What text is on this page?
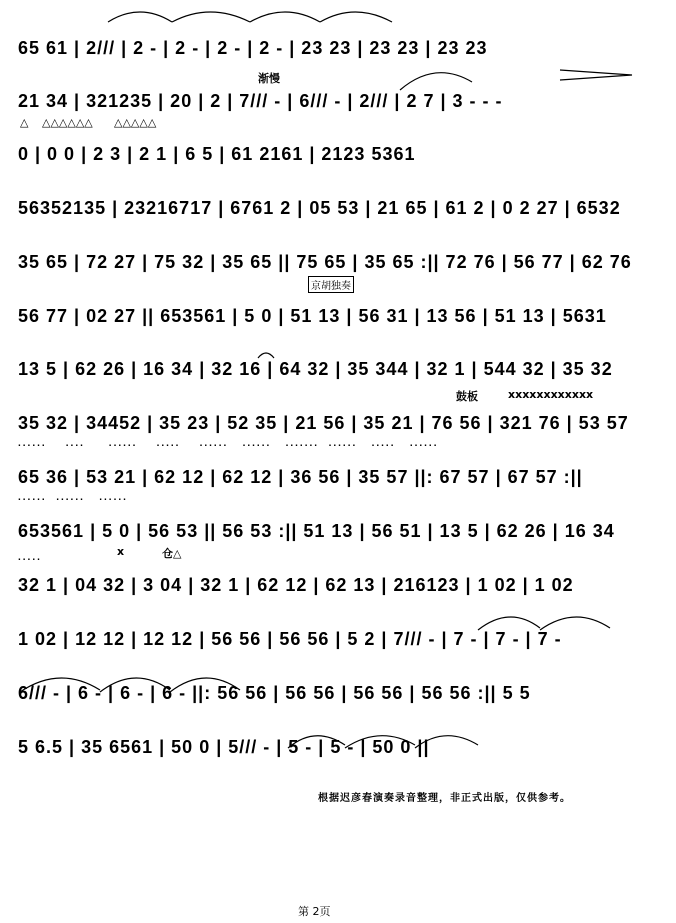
65 61 | 2/// | 2 - | 2 - | 2 - | 2 - | 23 23 | 23 23 | 23 23
21 34 | 321235 | 20 | 2 | 7/// - | 6/// - | 2/// | 2 7 | 3 - - -
△ △△△△△△ △△△△△
渐慢
0 | 0 0 | 2 3 | 2 1 | 6 5 | 61 2161 | 2123 5361
56352135 | 23216717 | 6761 2 | 05 53 | 21 65 | 61 2 | 0 2 27 | 6532
35 65 | 72 27 | 75 32 | 35 65 || 75 65 | 35 65 :|| 72 76 | 56 77 | 62 76
京胡独奏
56 77 | 02 27 || 653561 | 5 0 | 51 13 | 56 31 | 13 56 | 51 13 | 5631
13 5 | 62 26 | 16 34 | 32 16 | 64 32 | 35 344 | 32 1 | 544 32 | 35 32
鼓板	xxxxxxxxxxxx
35 32 | 34452 | 35 23 | 52 35 | 21 56 | 35 21 | 76 56 | 321 76 | 53 57
......    ....     ......    .....    ......   ......   .......  ......   .....   ......
65 36 | 53 21 | 62 12 | 62 12 | 36 56 | 35 57 ||: 67 57 | 67 57 :||
......  ......   ......
653561 | 5 0 | 56 53 || 56 53 :|| 51 13 | 56 51 | 13 5 | 62 26 | 16 34
x	仓△
.....
32 1 | 04 32 | 3 04 | 32 1 | 62 12 | 62 13 | 216123 | 1 02 | 1 02
1 02 | 12 12 | 12 12 | 56 56 | 56 56 | 5 2 | 7/// - | 7 - | 7 - | 7 -
6/// - | 6 - | 6 - | 6 - ||: 56 56 | 56 56 | 56 56 | 56 56 :|| 5 5
5 6.5 | 35 6561 | 50 0 | 5/// - | 5 - | 5 - | 50 0 ||
根据迟彦春演奏录音整理，非正式出版，仅供参考。
第 2页
